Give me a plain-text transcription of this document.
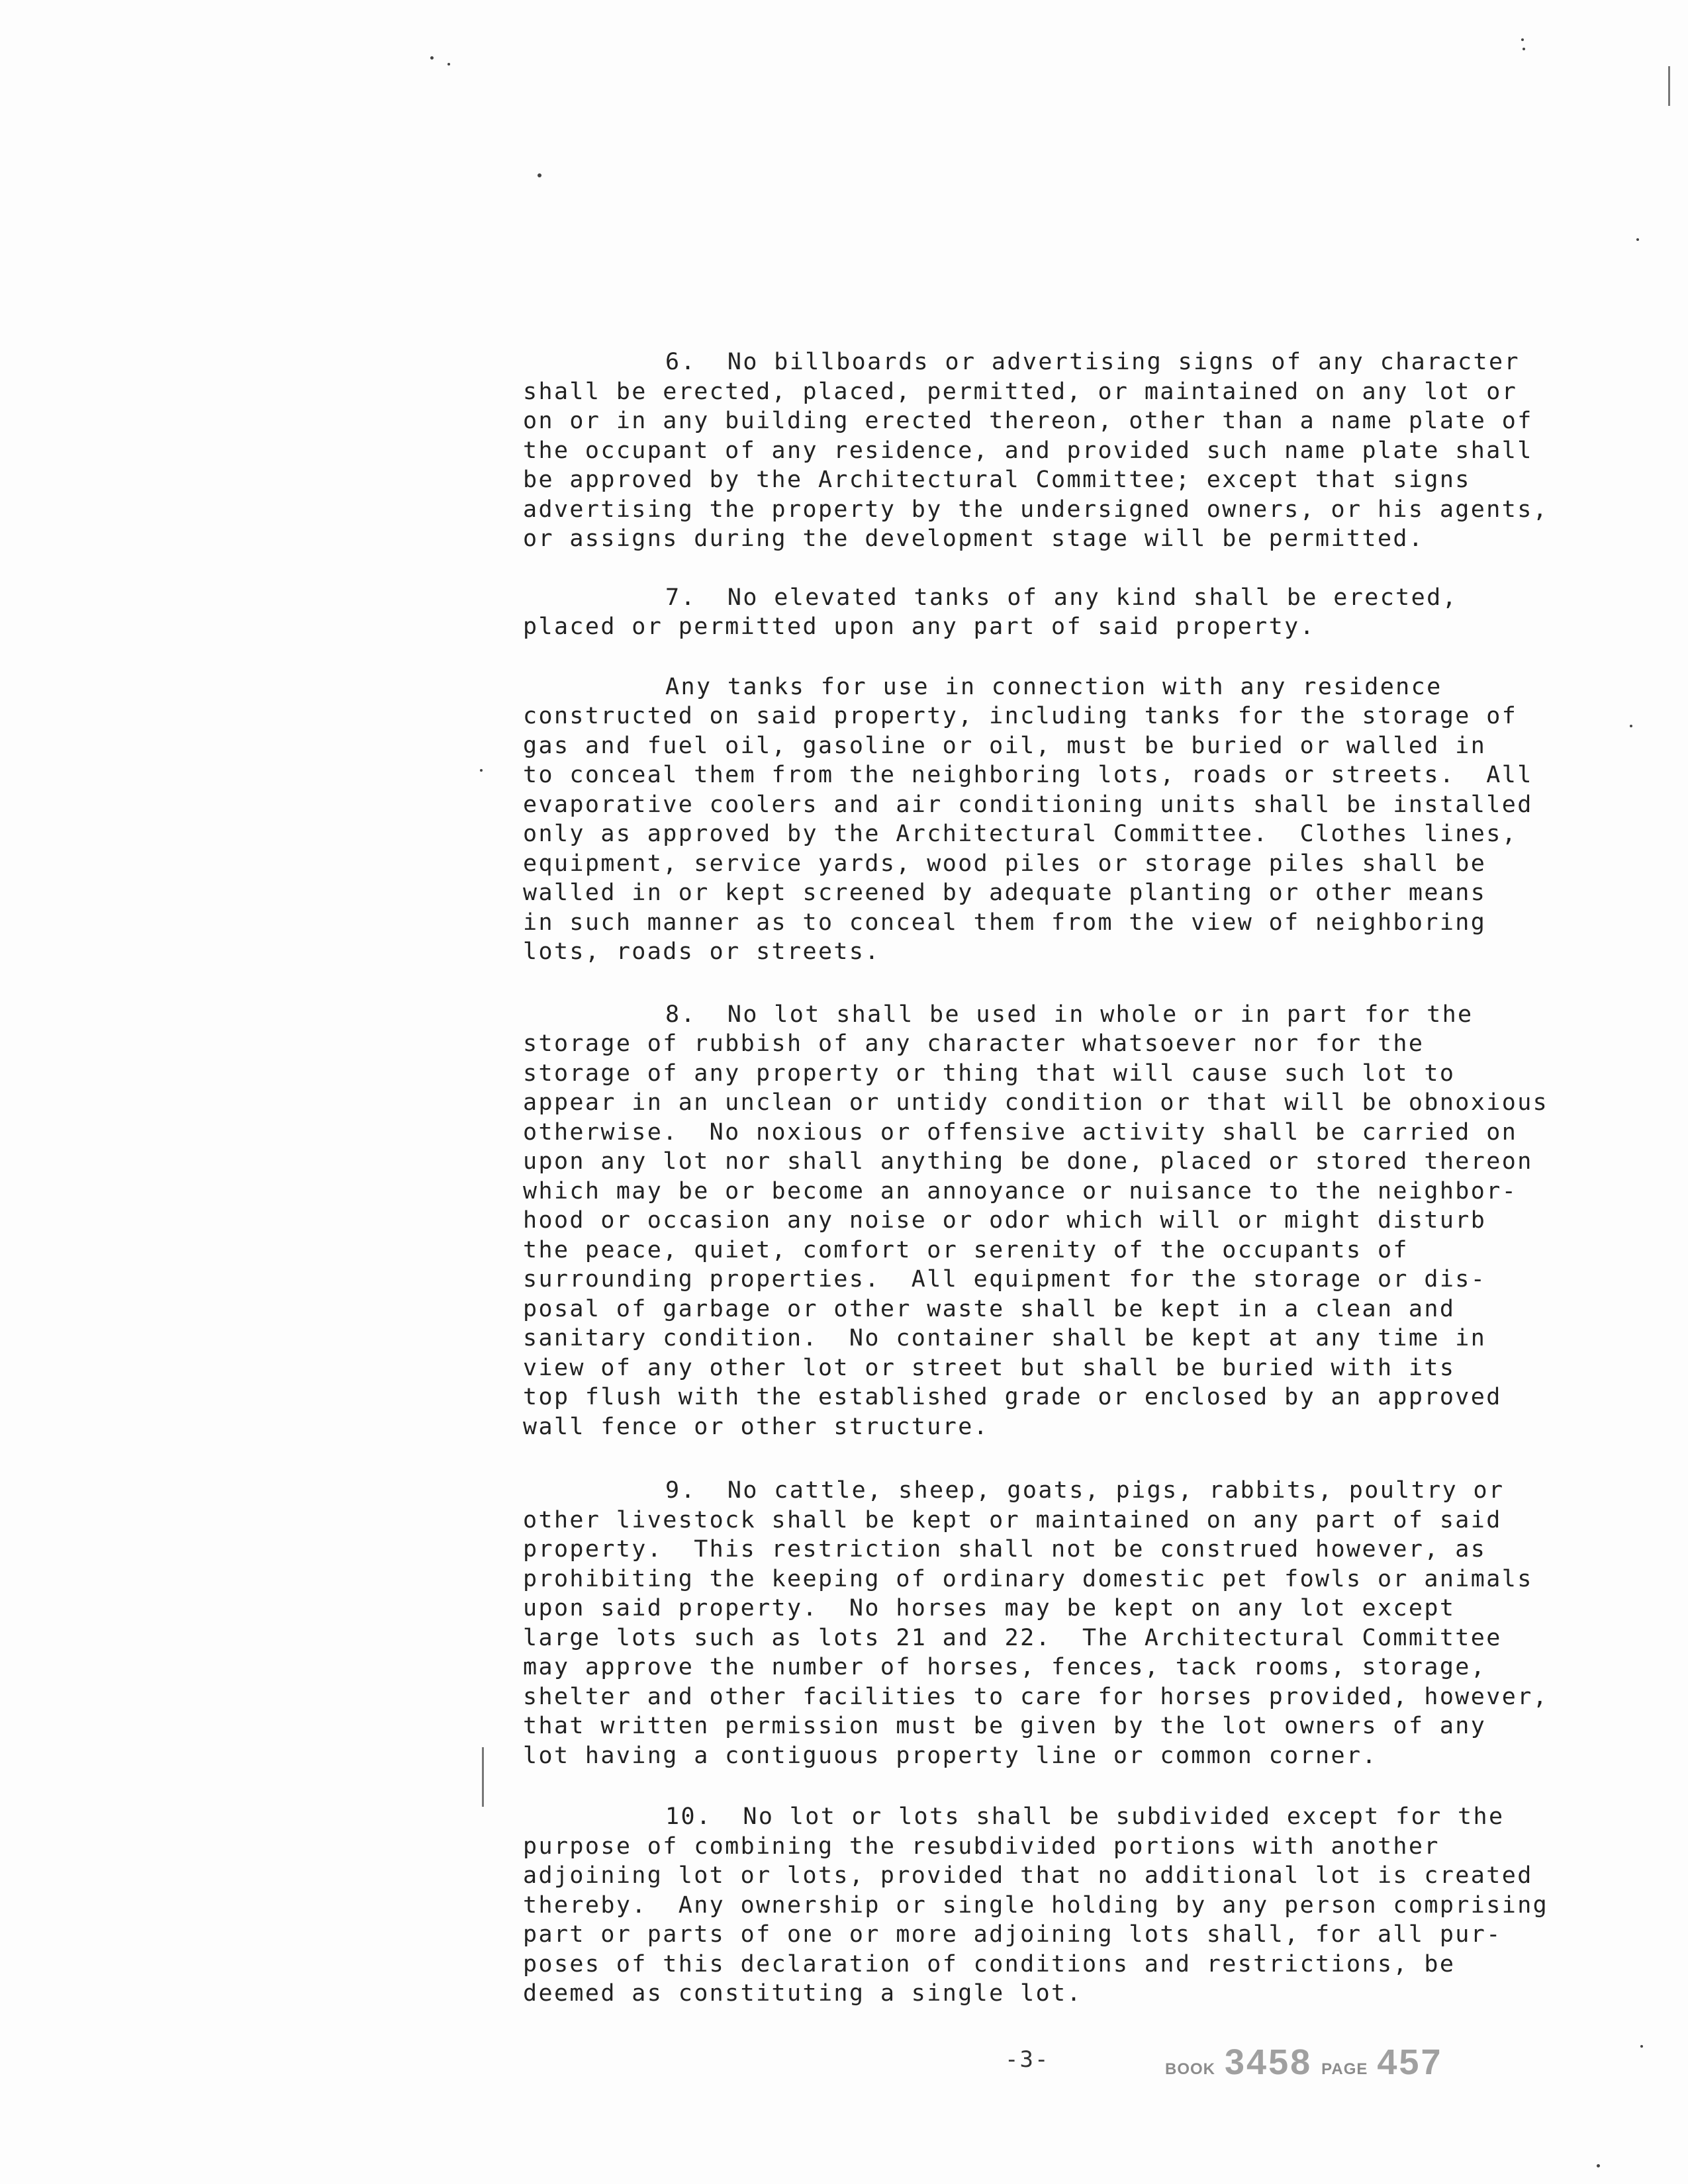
6.  No billboards or advertising signs of any character
shall be erected, placed, permitted, or maintained on any lot or
on or in any building erected thereon, other than a name plate of
the occupant of any residence, and provided such name plate shall
be approved by the Architectural Committee; except that signs
advertising the property by the undersigned owners, or his agents,
or assigns during the development stage will be permitted.
7.  No elevated tanks of any kind shall be erected,
placed or permitted upon any part of said property.
Any tanks for use in connection with any residence
constructed on said property, including tanks for the storage of
gas and fuel oil, gasoline or oil, must be buried or walled in
to conceal them from the neighboring lots, roads or streets.  All
evaporative coolers and air conditioning units shall be installed
only as approved by the Architectural Committee.  Clothes lines,
equipment, service yards, wood piles or storage piles shall be
walled in or kept screened by adequate planting or other means
in such manner as to conceal them from the view of neighboring
lots, roads or streets.
8.  No lot shall be used in whole or in part for the
storage of rubbish of any character whatsoever nor for the
storage of any property or thing that will cause such lot to
appear in an unclean or untidy condition or that will be obnoxious
otherwise.  No noxious or offensive activity shall be carried on
upon any lot nor shall anything be done, placed or stored thereon
which may be or become an annoyance or nuisance to the neighbor-
hood or occasion any noise or odor which will or might disturb
the peace, quiet, comfort or serenity of the occupants of
surrounding properties.  All equipment for the storage or dis-
posal of garbage or other waste shall be kept in a clean and
sanitary condition.  No container shall be kept at any time in
view of any other lot or street but shall be buried with its
top flush with the established grade or enclosed by an approved
wall fence or other structure.
9.  No cattle, sheep, goats, pigs, rabbits, poultry or
other livestock shall be kept or maintained on any part of said
property.  This restriction shall not be construed however, as
prohibiting the keeping of ordinary domestic pet fowls or animals
upon said property.  No horses may be kept on any lot except
large lots such as lots 21 and 22.  The Architectural Committee
may approve the number of horses, fences, tack rooms, storage,
shelter and other facilities to care for horses provided, however,
that written permission must be given by the lot owners of any
lot having a contiguous property line or common corner.
10.  No lot or lots shall be subdivided except for the
purpose of combining the resubdivided portions with another
adjoining lot or lots, provided that no additional lot is created
thereby.  Any ownership or single holding by any person comprising
part or parts of one or more adjoining lots shall, for all pur-
poses of this declaration of conditions and restrictions, be
deemed as constituting a single lot.
-3-	BOOK 3458 PAGE 457
